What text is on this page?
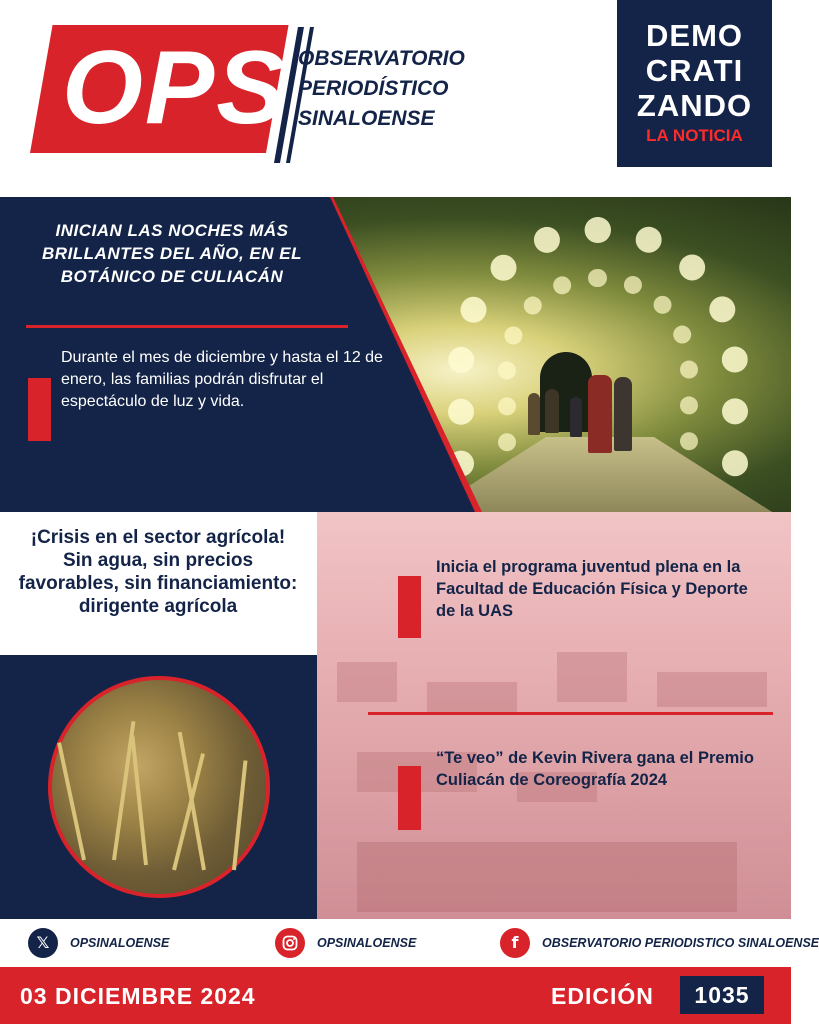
OPS OBSERVATORIO
PERIODÍSTICO
SINALOENSE
DEMO
CRATI
ZANDO
LA NOTICIA
INICIAN LAS NOCHES MÁS BRILLANTES DEL AÑO, EN EL BOTÁNICO DE CULIACÁN
Durante el mes de diciembre y hasta el 12 de enero, las familias podrán disfrutar el espectáculo de luz y vida.
¡Crisis en el sector agrícola! Sin agua, sin precios favorables, sin financiamiento: dirigente agrícola
Inicia el programa juventud plena en la Facultad de Educación Física y Deporte de la UAS
“Te veo” de Kevin Rivera gana el Premio Culiacán de Coreografía 2024
𝕏	OPSINALOENSE	OPSINALOENSE	f	OBSERVATORIO PERIODISTICO SINALOENSE
03 DICIEMBRE 2024	EDICIÓN	1035
